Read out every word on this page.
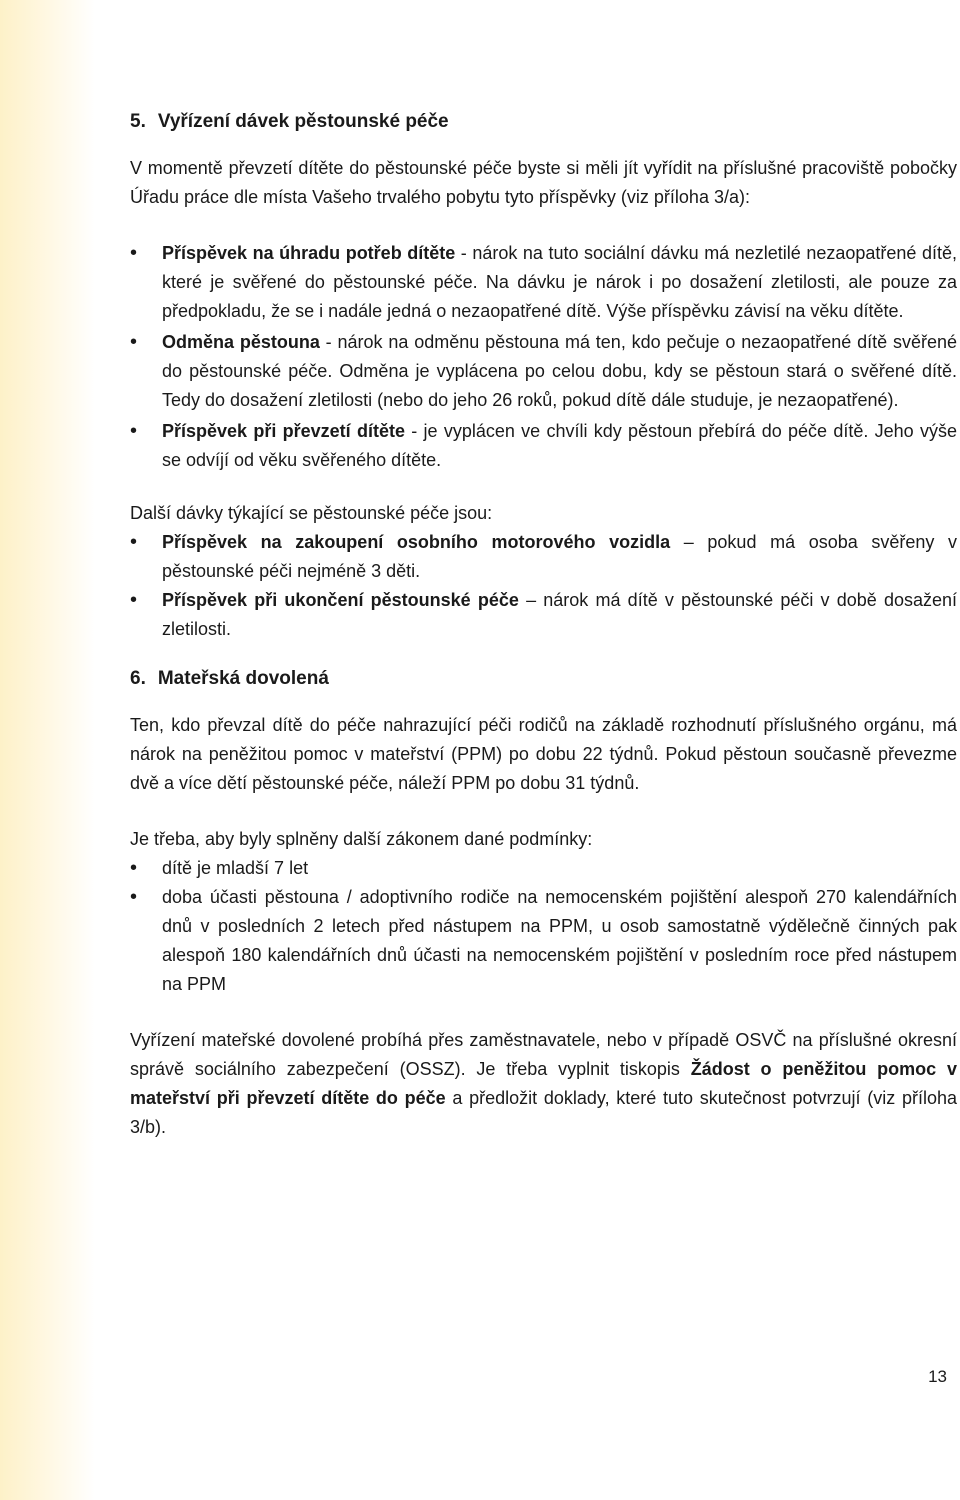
5. Vyřízení dávek pěstounské péče

V momentě převzetí dítěte do pěstounské péče byste si měli jít vyřídit na příslušné pracoviště pobočky Úřadu práce dle místa Vašeho trvalého pobytu tyto příspěvky (viz příloha 3/a):

• Příspěvek na úhradu potřeb dítěte - nárok na tuto sociální dávku má nezletilé nezaopatřené dítě, které je svěřené do pěstounské péče. Na dávku je nárok i po dosažení zletilosti, ale pouze za předpokladu, že se i nadále jedná o nezaopatřené dítě. Výše příspěvku závisí na věku dítěte.
• Odměna pěstouna - nárok na odměnu pěstouna má ten, kdo pečuje o nezaopatřené dítě svěřené do pěstounské péče. Odměna je vyplácena po celou dobu, kdy se pěstoun stará o svěřené dítě. Tedy do dosažení zletilosti (nebo do jeho 26 roků, pokud dítě dále studuje, je nezaopatřené).
• Příspěvek při převzetí dítěte - je vyplácen ve chvíli kdy pěstoun přebírá do péče dítě. Jeho výše se odvíjí od věku svěřeného dítěte.

Další dávky týkající se pěstounské péče jsou:

• Příspěvek na zakoupení osobního motorového vozidla – pokud má osoba svěřeny v pěstounské péči nejméně 3 děti.
• Příspěvek při ukončení pěstounské péče – nárok má dítě v pěstounské péči v době dosažení zletilosti.
6. Mateřská dovolená

Ten, kdo převzal dítě do péče nahrazující péči rodičů na základě rozhodnutí příslušného orgánu, má nárok na peněžitou pomoc v mateřství (PPM) po dobu 22 týdnů. Pokud pěstoun současně převezme dvě a více dětí pěstounské péče, náleží PPM po dobu 31 týdnů.

Je třeba, aby byly splněny další zákonem dané podmínky:

• dítě je mladší 7 let
• doba účasti pěstouna / adoptivního rodiče na nemocenském pojištění alespoň 270 kalendářních dnů v posledních 2 letech před nástupem na PPM, u osob samostatně výdělečně činných pak alespoň 180 kalendářních dnů účasti na nemocenském pojištění v posledním roce před nástupem na PPM

Vyřízení mateřské dovolené probíhá přes zaměstnavatele, nebo v případě OSVČ na příslušné okresní správě sociálního zabezpečení (OSSZ). Je třeba vyplnit tiskopis Žádost o peněžitou pomoc v mateřství při převzetí dítěte do péče a předložit doklady, které tuto skutečnost potvrzují (viz příloha 3/b).

13
